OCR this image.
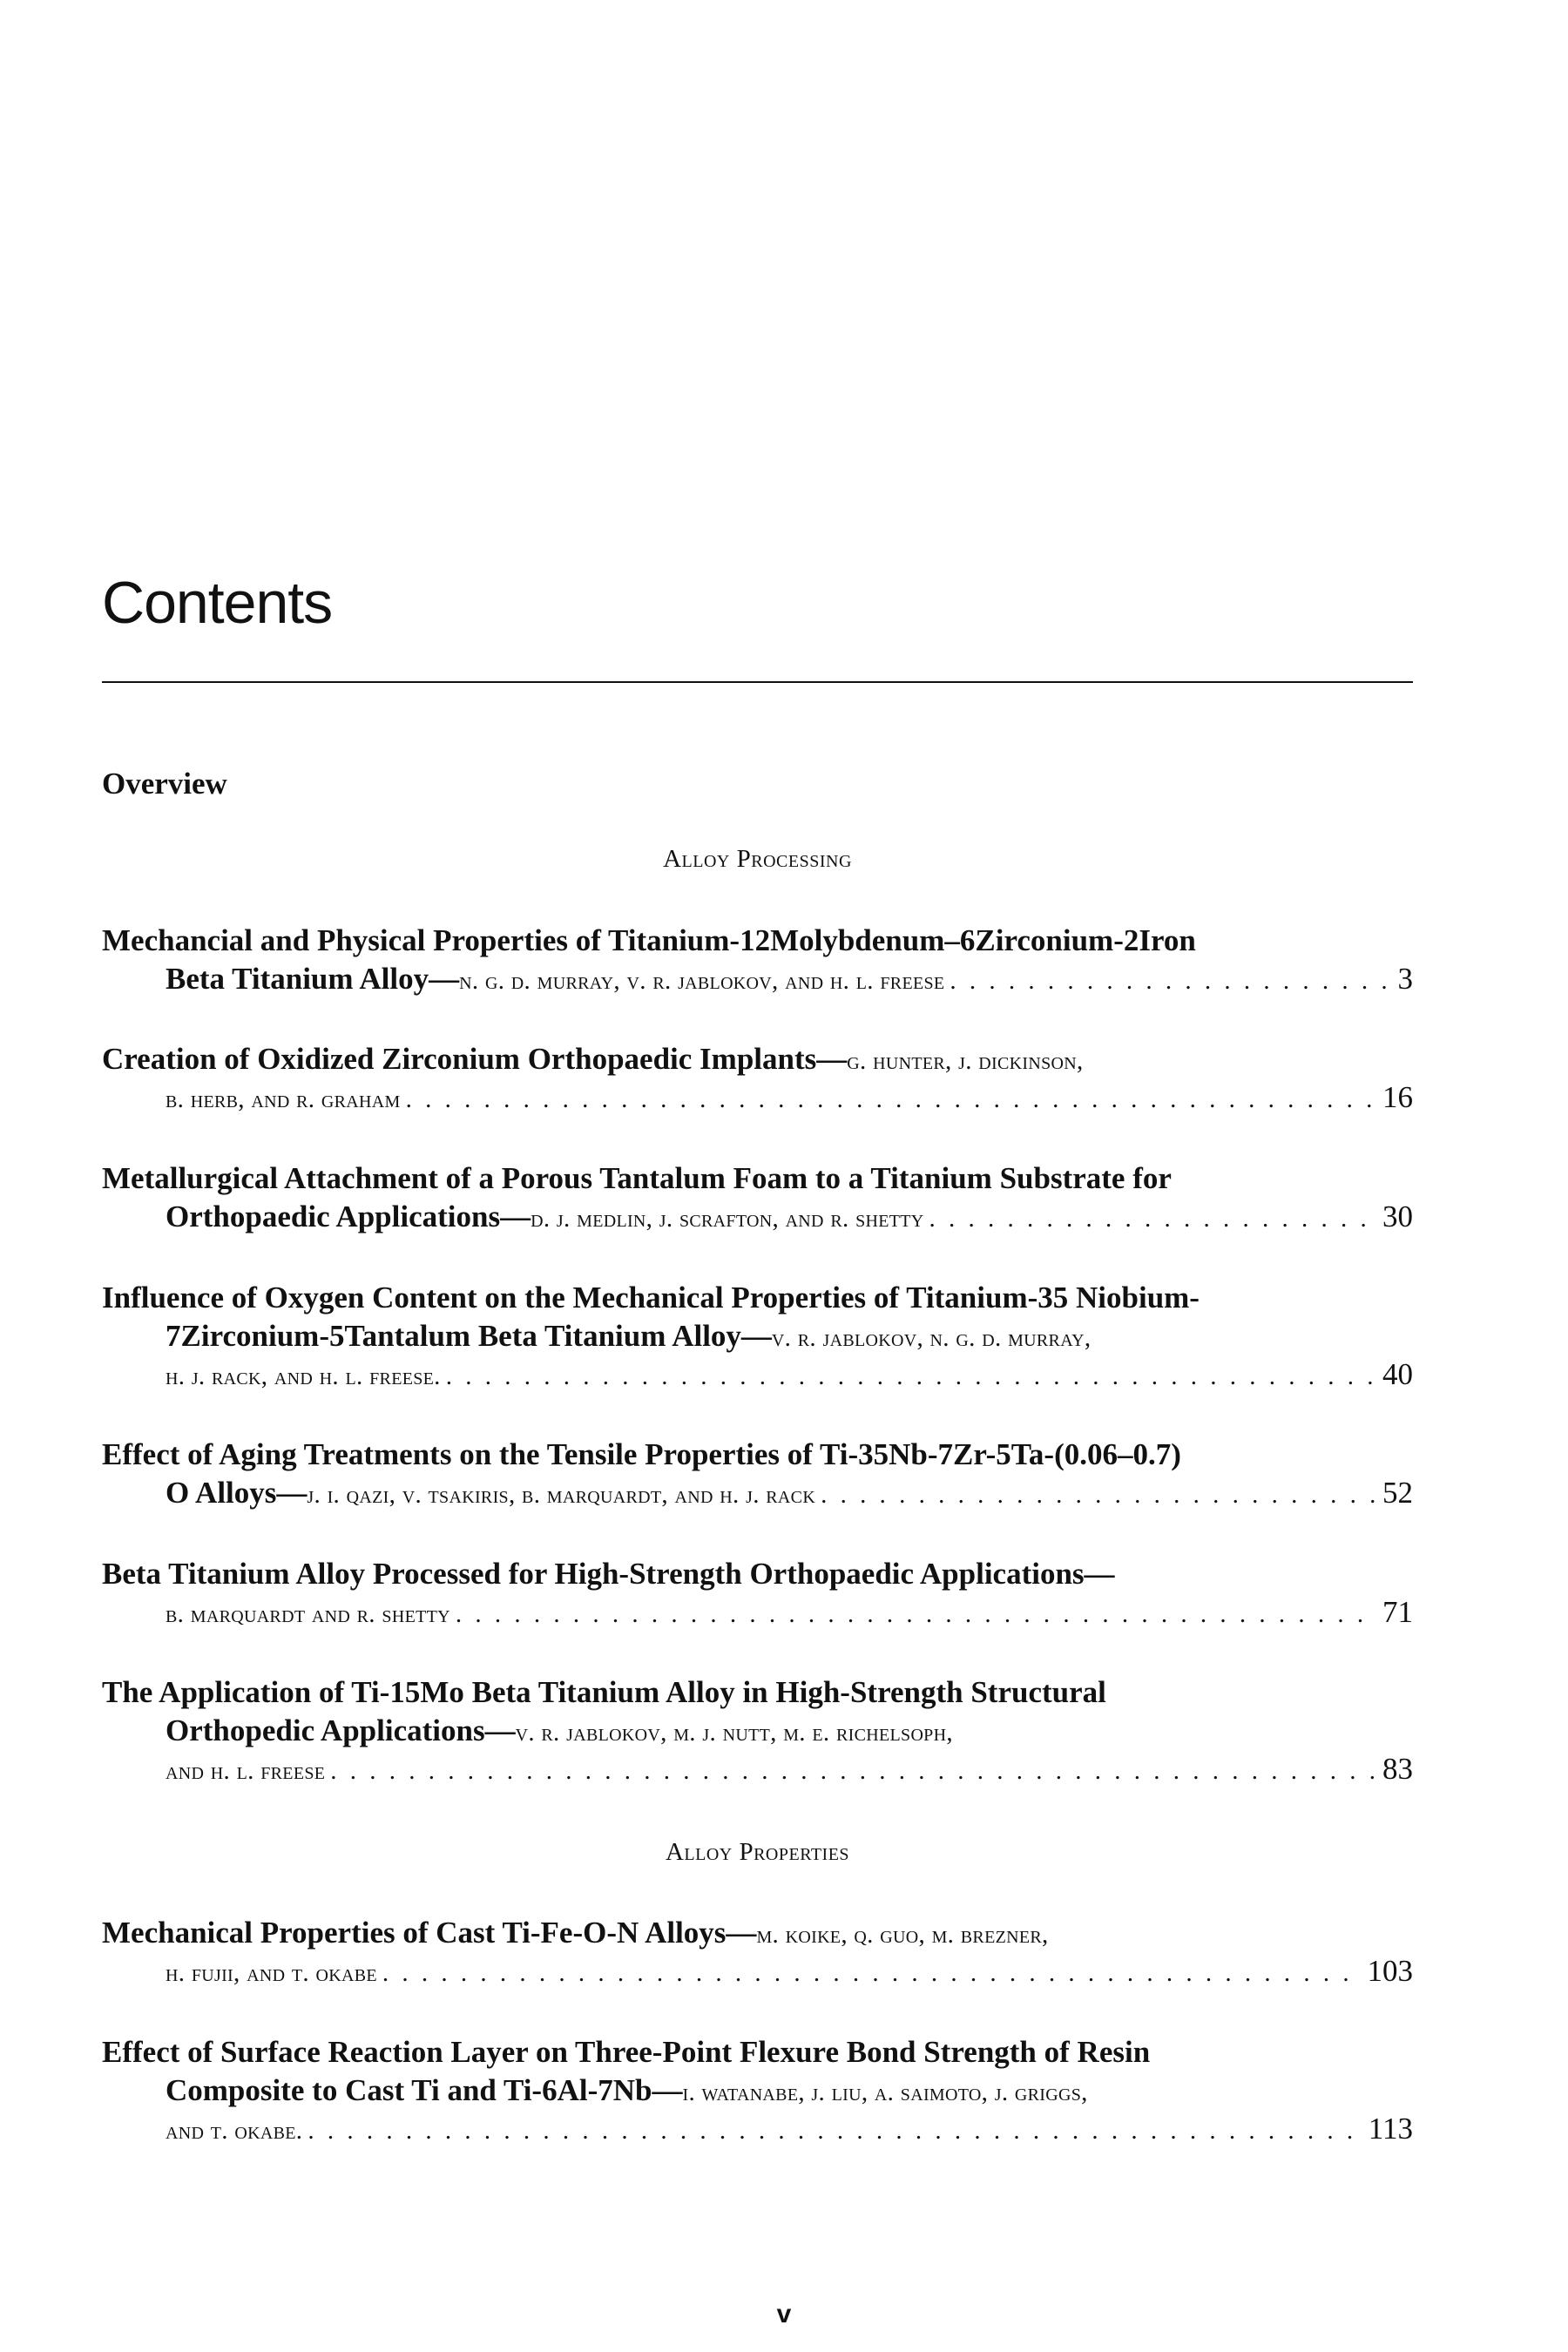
Contents
Overview
Alloy Processing
Mechancial and Physical Properties of Titanium-12Molybdenum–6Zirconium-2Iron
Beta Titanium Alloy— n. g. d. murray, v. r. jablokov, and h. l. freese . . .	3
Creation of Oxidized Zirconium Orthopaedic Implants—g. hunter, j. dickinson,
b. herb, and r. graham . . .	16
Metallurgical Attachment of a Porous Tantalum Foam to a Titanium Substrate for
Orthopaedic Applications— d. j. medlin, j. scrafton, and r. shetty . . .	30
Influence of Oxygen Content on the Mechanical Properties of Titanium-35 Niobium-
7Zirconium-5Tantalum Beta Titanium Alloy—v. r. jablokov, n. g. d. murray,
h. j. rack, and h. l. freese. . . .	40
Effect of Aging Treatments on the Tensile Properties of Ti-35Nb-7Zr-5Ta-(0.06–0.7)
O Alloys— j. i. qazi, v. tsakiris, b. marquardt, and h. j. rack . . .	52
Beta Titanium Alloy Processed for High-Strength Orthopaedic Applications—
b. marquardt and r. shetty . . .	71
The Application of Ti-15Mo Beta Titanium Alloy in High-Strength Structural
Orthopedic Applications—v. r. jablokov, m. j. nutt, m. e. richelsoph,
and h. l. freese . . .	83
Alloy Properties
Mechanical Properties of Cast Ti-Fe-O-N Alloys—m. koike, q. guo, m. brezner,
h. fujii, and t. okabe . . .	103
Effect of Surface Reaction Layer on Three-Point Flexure Bond Strength of Resin
Composite to Cast Ti and Ti-6Al-7Nb—i. watanabe, j. liu, a. saimoto, j. griggs,
and t. okabe. . . .	113
v
